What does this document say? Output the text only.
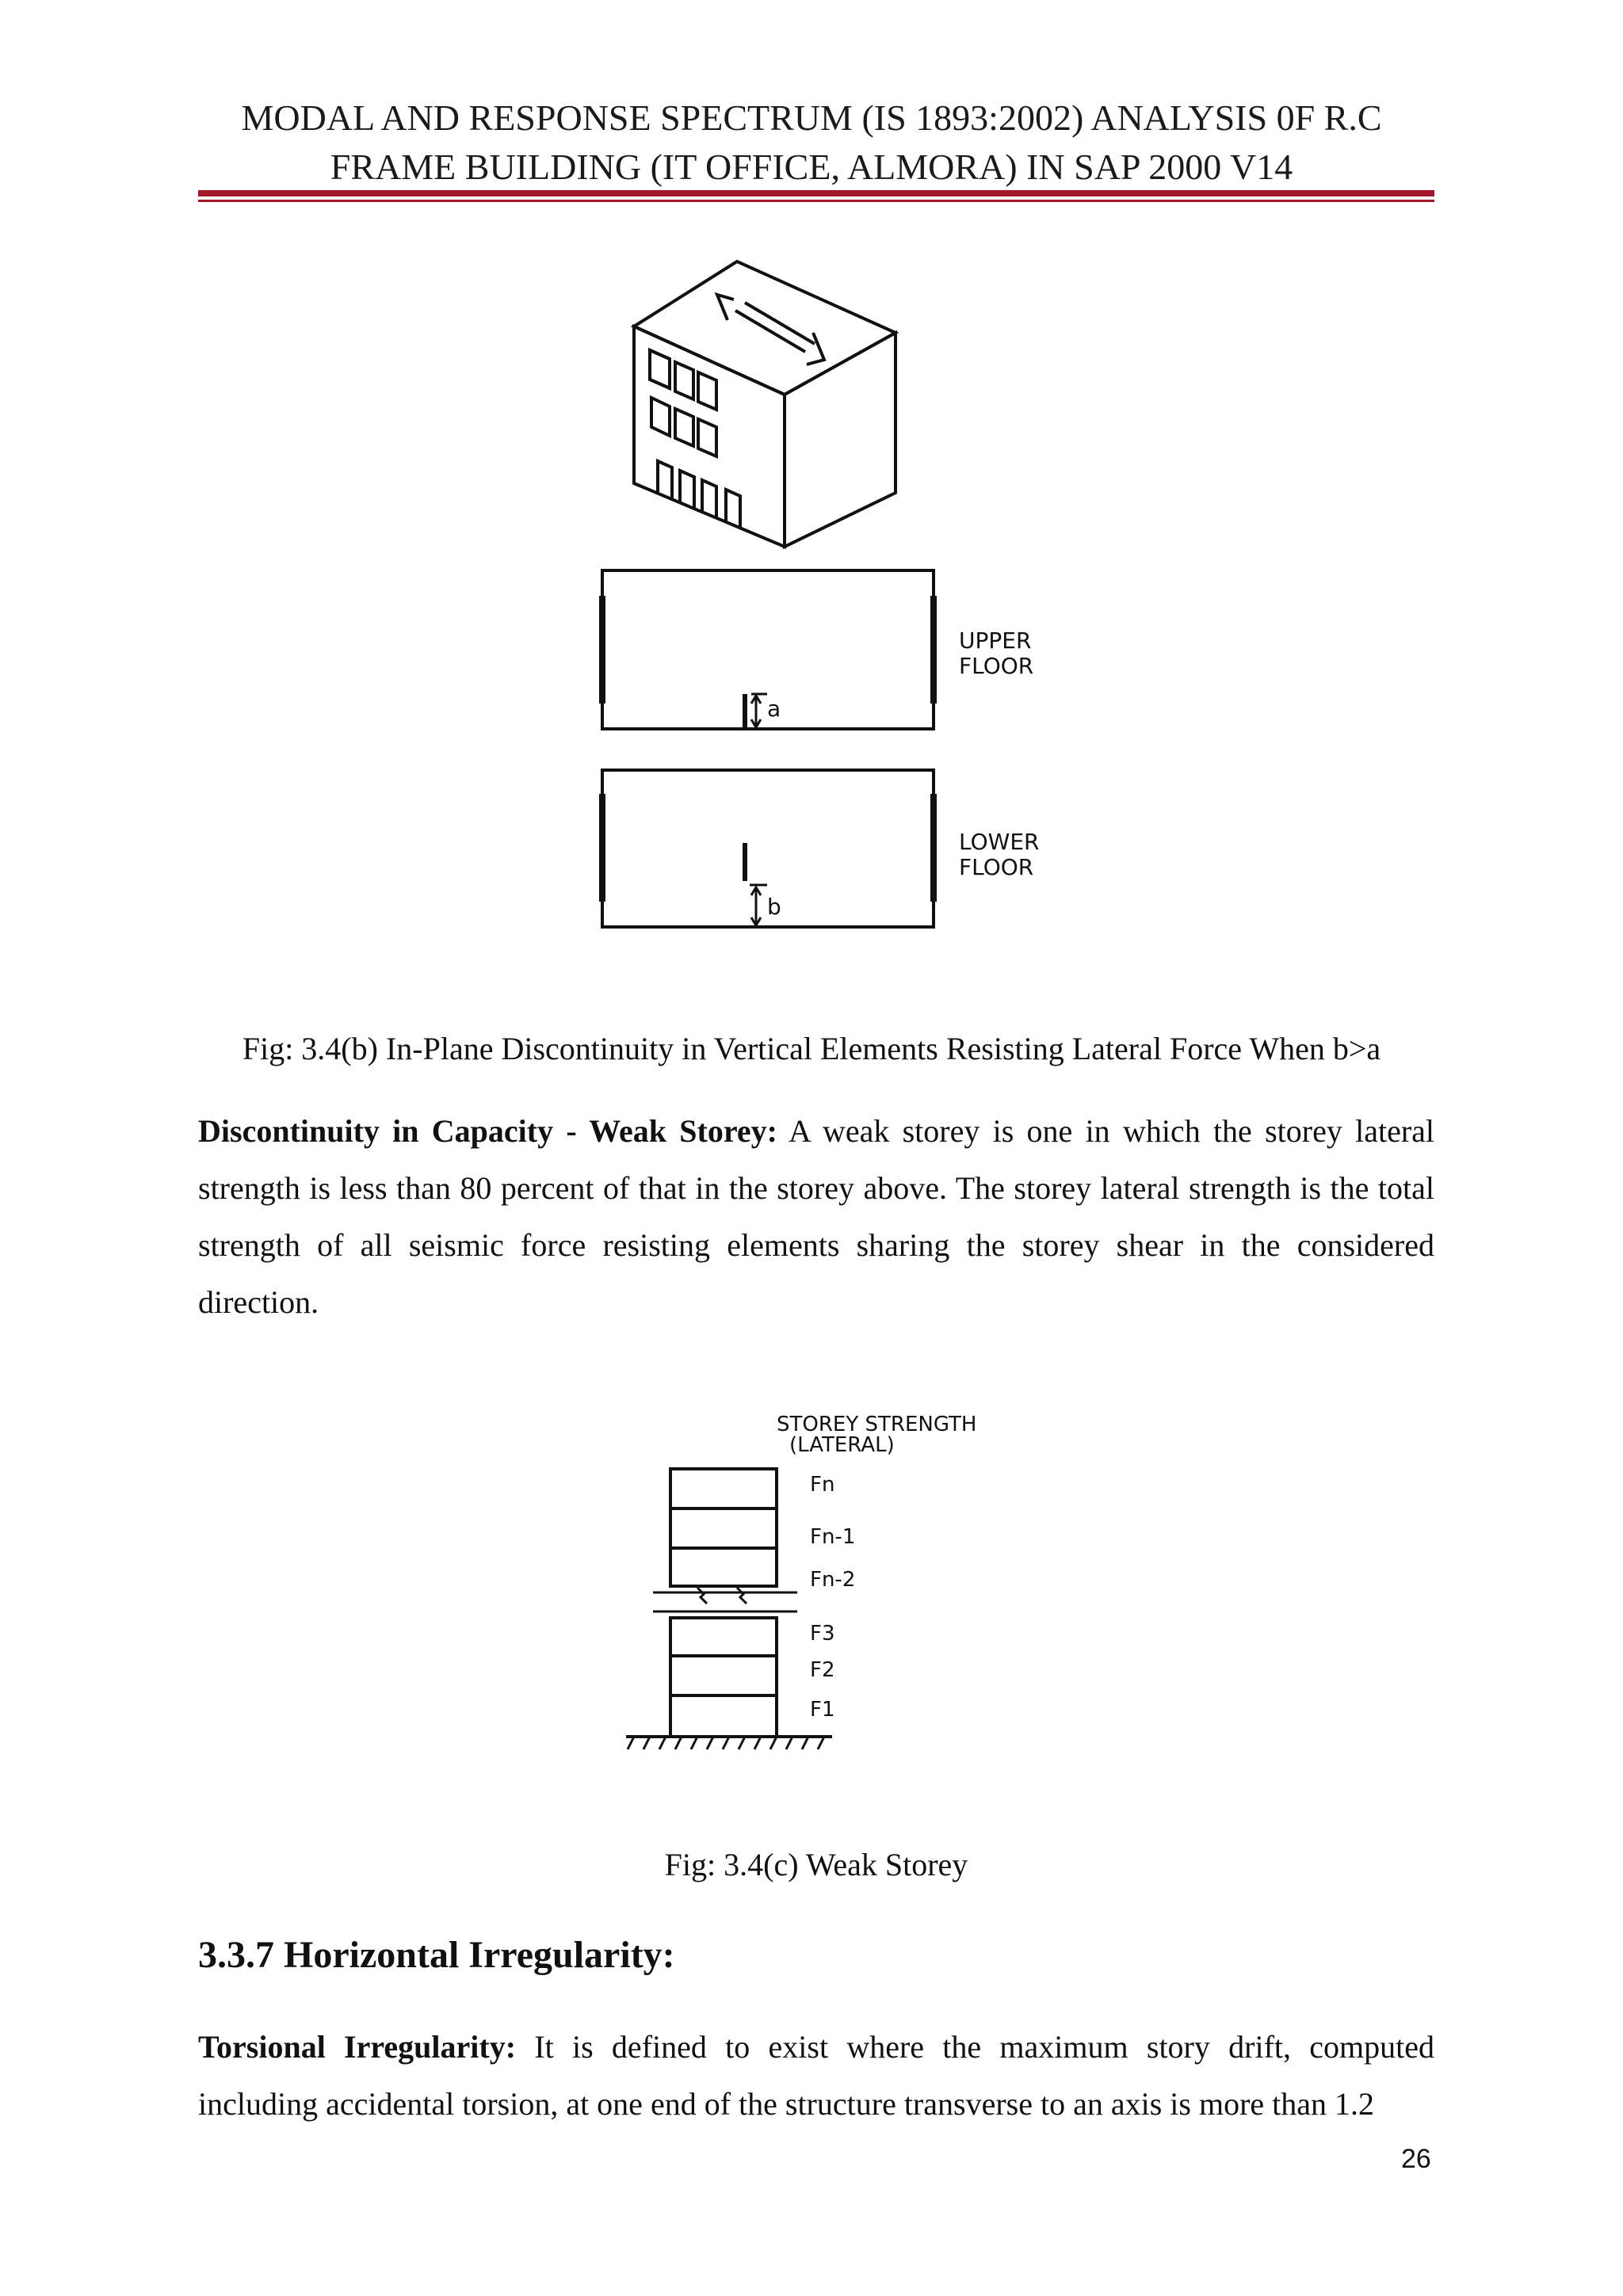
MODAL AND RESPONSE SPECTRUM (IS 1893:2002) ANALYSIS 0F R.C
FRAME BUILDING (IT OFFICE, ALMORA) IN SAP 2000 V14
UPPER
FLOOR
LOWER
FLOOR
a
b
Fig: 3.4(b) In-Plane Discontinuity in Vertical Elements Resisting Lateral Force When b>a
Discontinuity in Capacity - Weak Storey: A weak storey is one in which the storey lateral strength is less than 80 percent of that in the storey above. The storey lateral strength is the total strength of all seismic force resisting elements sharing the storey shear in the considered direction.
STOREY STRENGTH
(LATERAL)
Fn
Fn-1
Fn-2
F3
F2
F1
Fig: 3.4(c) Weak Storey
3.3.7 Horizontal Irregularity:
Torsional Irregularity: It is defined to exist where the maximum story drift, computed including accidental torsion, at one end of the structure transverse to an axis is more than 1.2
26
